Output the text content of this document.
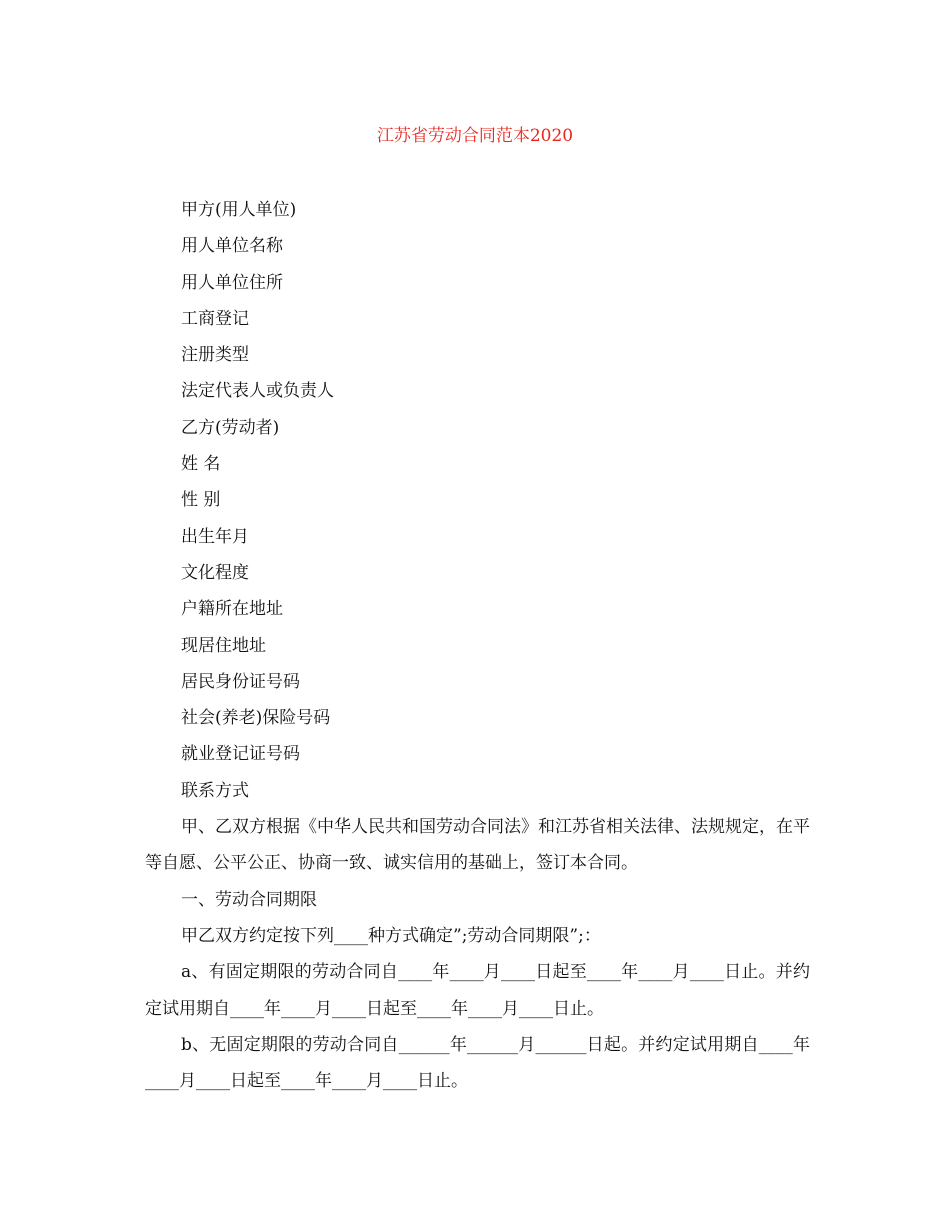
江苏省劳动合同范本2020

甲方(用人单位)

用人单位名称

用人单位住所

工商登记

注册类型

法定代表人或负责人

乙方(劳动者)

姓 名

性 别

出生年月

文化程度

户籍所在地址

现居住地址

居民身份证号码

社会(养老)保险号码

就业登记证号码

联系方式

甲、乙双方根据《中华人民共和国劳动合同法》和江苏省相关法律、法规规定，在平等自愿、公平公正、协商一致、诚实信用的基础上，签订本合同。

一、劳动合同期限

甲乙双方约定按下列____种方式确定”;劳动合同期限”;：

a、有固定期限的劳动合同自____年____月____日起至____年____月____日止。并约定试用期自____年____月____日起至____年____月____日止。

b、无固定期限的劳动合同自______年______月______日起。并约定试用期自____年____月____日起至____年____月____日止。
